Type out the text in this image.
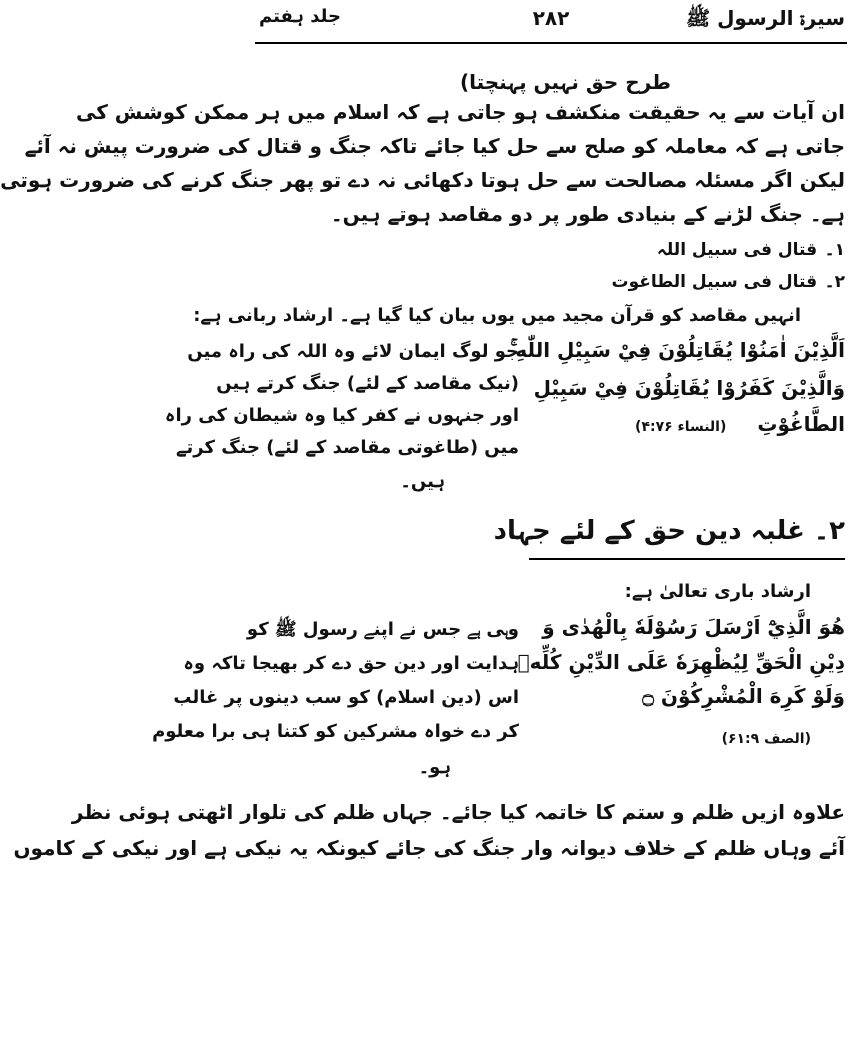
سیرۃ الرسول ﷺ
۲۸۲
جلد ہفتم
طرح حق نہیں پہنچتا)
ان آیات سے یہ حقیقت منکشف ہو جاتی ہے کہ اسلام میں ہر ممکن کوشش کی
جاتی ہے کہ معاملہ کو صلح سے حل کیا جائے تاکہ جنگ و قتال کی ضرورت پیش نہ آئے
لیکن اگر مسئلہ مصالحت سے حل ہوتا دکھائی نہ دے تو پھر جنگ کرنے کی ضرورت ہوتی
ہے۔ جنگ لڑنے کے بنیادی طور پر دو مقاصد ہوتے ہیں۔
۱۔ قتال فی سبیل اللہ
۲۔ قتال فی سبیل الطاغوت
انہیں مقاصد کو قرآن مجید میں یوں بیان کیا گیا ہے۔ ارشاد ربانی ہے:
اَلَّذِيْنَ اٰمَنُوْا يُقَاتِلُوْنَ فِيْ سَبِيْلِ اللّٰهِ ۚ
وَالَّذِيْنَ كَفَرُوْا يُقَاتِلُوْنَ فِيْ سَبِيْلِ
الطَّاغُوْتِ (النساء ۴:۷۶)
جو لوگ ایمان لائے وہ اللہ کی راہ میں
(نیک مقاصد کے لئے) جنگ کرتے ہیں
اور جنہوں نے کفر کیا وہ شیطان کی راہ
میں (طاغوتی مقاصد کے لئے) جنگ کرتے
ہیں۔
۲۔ غلبہ دین حق کے لئے جہاد
ارشاد باری تعالیٰ ہے:
هُوَ الَّذِيْٓ اَرْسَلَ رَسُوْلَهٗ بِالْهُدٰى وَ
دِيْنِ الْحَقِّ لِيُظْهِرَهٗ عَلَى الدِّيْنِ كُلِّهٖ
وَلَوْ كَرِهَ الْمُشْرِكُوْنَ ۝
(الصف ۶۱:۹)
وہی ہے جس نے اپنے رسول ﷺ کو
ہدایت اور دین حق دے کر بھیجا تاکہ وہ
اس (دین اسلام) کو سب دینوں پر غالب
کر دے خواہ مشرکین کو کتنا ہی برا معلوم
ہو۔
علاوہ ازیں ظلم و ستم کا خاتمہ کیا جائے۔ جہاں ظلم کی تلوار اٹھتی ہوئی نظر
آئے وہاں ظلم کے خلاف دیوانہ وار جنگ کی جائے کیونکہ یہ نیکی ہے اور نیکی کے کاموں
